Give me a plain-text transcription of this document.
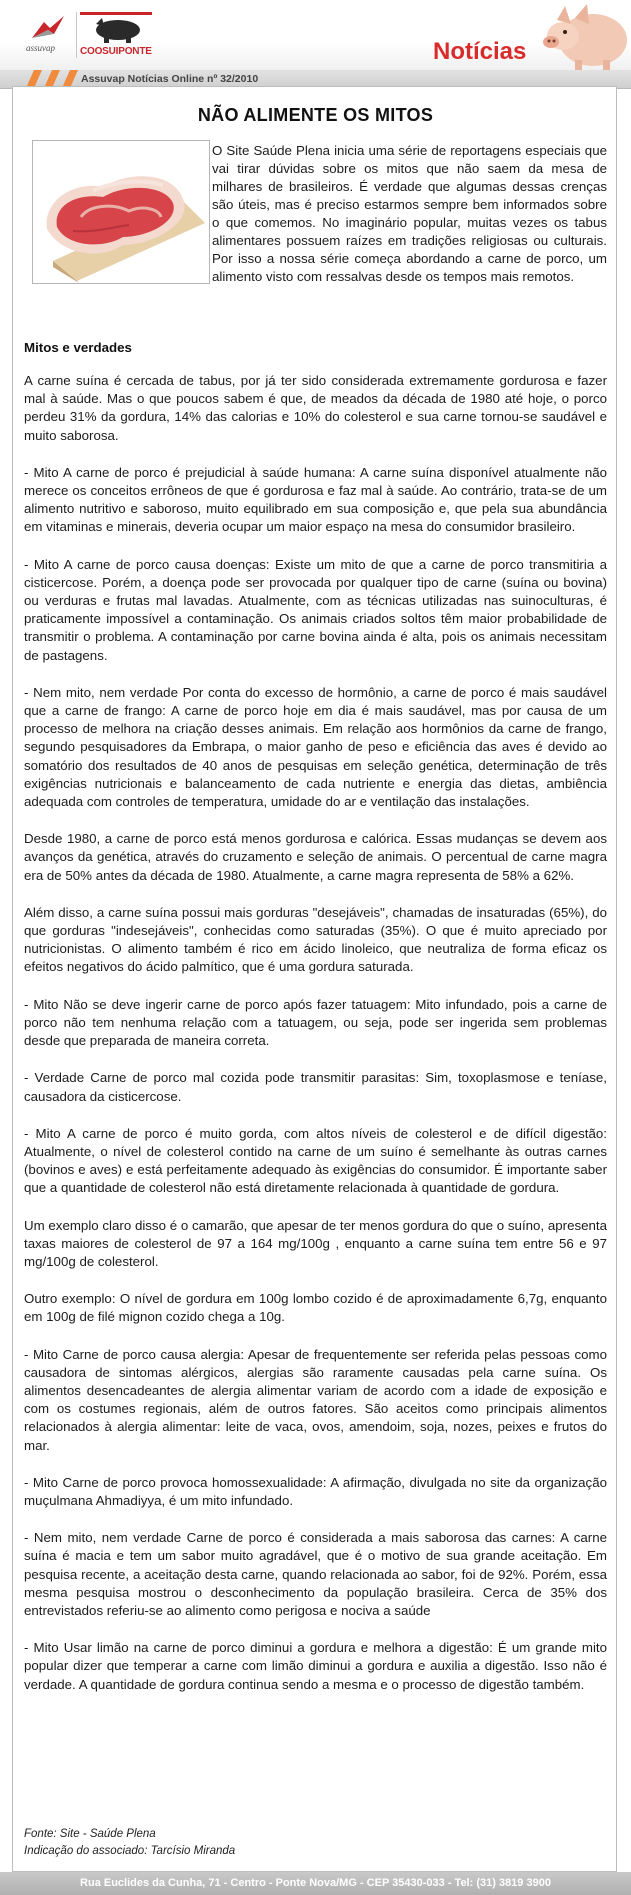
assuvap	COOSUIPONTE	Notícias
Assuvap Notícias Online nº 32/2010
NÃO ALIMENTE OS MITOS
O Site Saúde Plena inicia uma série de reportagens especiais que vai tirar dúvidas sobre os mitos que não saem da mesa de milhares de brasileiros. É verdade que algumas dessas crenças são úteis, mas é preciso estarmos sempre bem informados sobre o que comemos. No imaginário popular, muitas vezes os tabus alimentares possuem raízes em tradições religiosas ou culturais. Por isso a nossa série começa abordando a carne de porco, um alimento visto com ressalvas desde os tempos mais remotos.
Mitos e verdades

A carne suína é cercada de tabus, por já ter sido considerada extremamente gordurosa e fazer mal à saúde. Mas o que poucos sabem é que, de meados da década de 1980 até hoje, o porco perdeu 31% da gordura, 14% das calorias e 10% do colesterol e sua carne tornou-se saudável e muito saborosa.

- Mito A carne de porco é prejudicial à saúde humana: A carne suína disponível atualmente não merece os conceitos errôneos de que é gordurosa e faz mal à saúde. Ao contrário, trata-se de um alimento nutritivo e saboroso, muito equilibrado em sua composição e, que pela sua abundância em vitaminas e minerais, deveria ocupar um maior espaço na mesa do consumidor brasileiro.

- Mito A carne de porco causa doenças: Existe um mito de que a carne de porco transmitiria a cisticercose. Porém, a doença pode ser provocada por qualquer tipo de carne (suína ou bovina) ou verduras e frutas mal lavadas. Atualmente, com as técnicas utilizadas nas suinoculturas, é praticamente impossível a contaminação. Os animais criados soltos têm maior probabilidade de transmitir o problema. A contaminação por carne bovina ainda é alta, pois os animais necessitam de pastagens.

- Nem mito, nem verdade Por conta do excesso de hormônio, a carne de porco é mais saudável que a carne de frango: A carne de porco hoje em dia é mais saudável, mas por causa de um processo de melhora na criação desses animais. Em relação aos hormônios da carne de frango, segundo pesquisadores da Embrapa, o maior ganho de peso e eficiência das aves é devido ao somatório dos resultados de 40 anos de pesquisas em seleção genética, determinação de três exigências nutricionais e balanceamento de cada nutriente e energia das dietas, ambiência adequada com controles de temperatura, umidade do ar e ventilação das instalações.

Desde 1980, a carne de porco está menos gordurosa e calórica. Essas mudanças se devem aos avanços da genética, através do cruzamento e seleção de animais. O percentual de carne magra era de 50% antes da década de 1980. Atualmente, a carne magra representa de 58% a 62%.

Além disso, a carne suína possui mais gorduras "desejáveis", chamadas de insaturadas (65%), do que gorduras "indesejáveis", conhecidas como saturadas (35%). O que é muito apreciado por nutricionistas. O alimento também é rico em ácido linoleico, que neutraliza de forma eficaz os efeitos negativos do ácido palmítico, que é uma gordura saturada.

- Mito Não se deve ingerir carne de porco após fazer tatuagem: Mito infundado, pois a carne de porco não tem nenhuma relação com a tatuagem, ou seja, pode ser ingerida sem problemas desde que preparada de maneira correta.

- Verdade Carne de porco mal cozida pode transmitir parasitas: Sim, toxoplasmose e teníase, causadora da cisticercose.

- Mito A carne de porco é muito gorda, com altos níveis de colesterol e de difícil digestão: Atualmente, o nível de colesterol contido na carne de um suíno é semelhante às outras carnes (bovinos e aves) e está perfeitamente adequado às exigências do consumidor. É importante saber que a quantidade de colesterol não está diretamente relacionada à quantidade de gordura.

Um exemplo claro disso é o camarão, que apesar de ter menos gordura do que o suíno, apresenta taxas maiores de colesterol de 97 a 164 mg/100g , enquanto a carne suína tem entre 56 e 97 mg/100g de colesterol.

Outro exemplo: O nível de gordura em 100g lombo cozido é de aproximadamente 6,7g, enquanto em 100g de filé mignon cozido chega a 10g.

- Mito Carne de porco causa alergia: Apesar de frequentemente ser referida pelas pessoas como causadora de sintomas alérgicos, alergias são raramente causadas pela carne suína. Os alimentos desencadeantes de alergia alimentar variam de acordo com a idade de exposição e com os costumes regionais, além de outros fatores. São aceitos como principais alimentos relacionados à alergia alimentar: leite de vaca, ovos, amendoim, soja, nozes, peixes e frutos do mar.

- Mito Carne de porco provoca homossexualidade: A afirmação, divulgada no site da organização muçulmana Ahmadiyya, é um mito infundado.

- Nem mito, nem verdade Carne de porco é considerada a mais saborosa das carnes: A carne suína é macia e tem um sabor muito agradável, que é o motivo de sua grande aceitação. Em pesquisa recente, a aceitação desta carne, quando relacionada ao sabor, foi de 92%. Porém, essa mesma pesquisa mostrou o desconhecimento da população brasileira. Cerca de 35% dos entrevistados referiu-se ao alimento como perigosa e nociva a saúde

- Mito Usar limão na carne de porco diminui a gordura e melhora a digestão: É um grande mito popular dizer que temperar a carne com limão diminui a gordura e auxilia a digestão. Isso não é verdade. A quantidade de gordura continua sendo a mesma e o processo de digestão também.

Fonte: Site - Saúde Plena
Indicação do associado: Tarcísio Miranda
Rua Euclides da Cunha, 71 - Centro - Ponte Nova/MG - CEP 35430-033 - Tel: (31) 3819 3900
